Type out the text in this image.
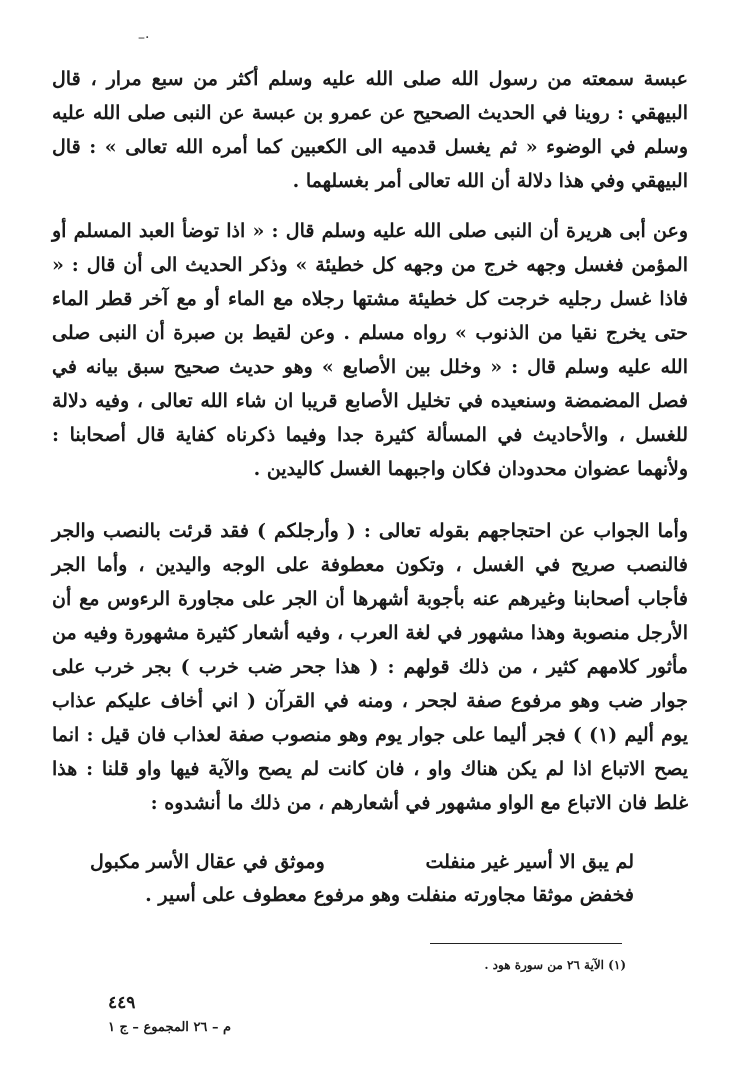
–·

عبسة سمعته من رسول الله صلى الله عليه وسلم أكثر من سبع مرار ، قال البيهقي : روينا في الحديث الصحيح عن عمرو بن عبسة عن النبى صلى الله عليه وسلم في الوضوء « ثم يغسل قدميه الى الكعبين كما أمره الله تعالى » : قال البيهقي وفي هذا دلالة أن الله تعالى أمر بغسلهما .

وعن أبى هريرة أن النبى صلى الله عليه وسلم قال : « اذا توضأ العبد المسلم أو المؤمن فغسل وجهه خرج من وجهه كل خطيئة » وذكر الحديث الى أن قال : « فاذا غسل رجليه خرجت كل خطيئة مشتها رجلاه مع الماء أو مع آخر قطر الماء حتى يخرج نقيا من الذنوب » رواه مسلم . وعن لقيط بن صبرة أن النبى صلى الله عليه وسلم قال : « وخلل بين الأصابع » وهو حديث صحيح سبق بيانه في فصل المضمضة وسنعيده في تخليل الأصابع قريبا ان شاء الله تعالى ، وفيه دلالة للغسل ، والأحاديث في المسألة كثيرة جدا وفيما ذكرناه كفاية قال أصحابنا : ولأنهما عضوان محدودان فكان واجبهما الغسل كاليدين .

وأما الجواب عن احتجاجهم بقوله تعالى : ( وأرجلكم ) فقد قرئت بالنصب والجر فالنصب صريح في الغسل ، وتكون معطوفة على الوجه واليدين ، وأما الجر فأجاب أصحابنا وغيرهم عنه بأجوبة أشهرها أن الجر على مجاورة الرءوس مع أن الأرجل منصوبة وهذا مشهور في لغة العرب ، وفيه أشعار كثيرة مشهورة وفيه من مأثور كلامهم كثير ، من ذلك قولهم : ( هذا جحر ضب خرب ) بجر خرب على جوار ضب وهو مرفوع صفة لجحر ، ومنه في القرآن ( اني أخاف عليكم عذاب يوم أليم (١) ) فجر أليما على جوار يوم وهو منصوب صفة لعذاب فان قيل : انما يصح الاتباع اذا لم يكن هناك واو ، فان كانت لم يصح والآية فيها واو قلنا : هذا غلط فان الاتباع مع الواو مشهور في أشعارهم ، من ذلك ما أنشدوه :

لم يبق الا أسير غير منفلت
وموثق في عقال الأسر مكبول
فخفض موثقا مجاورته منفلت وهو مرفوع معطوف على أسير .
(١) الآية ٢٦ من سورة هود .
٤٤٩
م – ٢٦ المجموع – ج ١
